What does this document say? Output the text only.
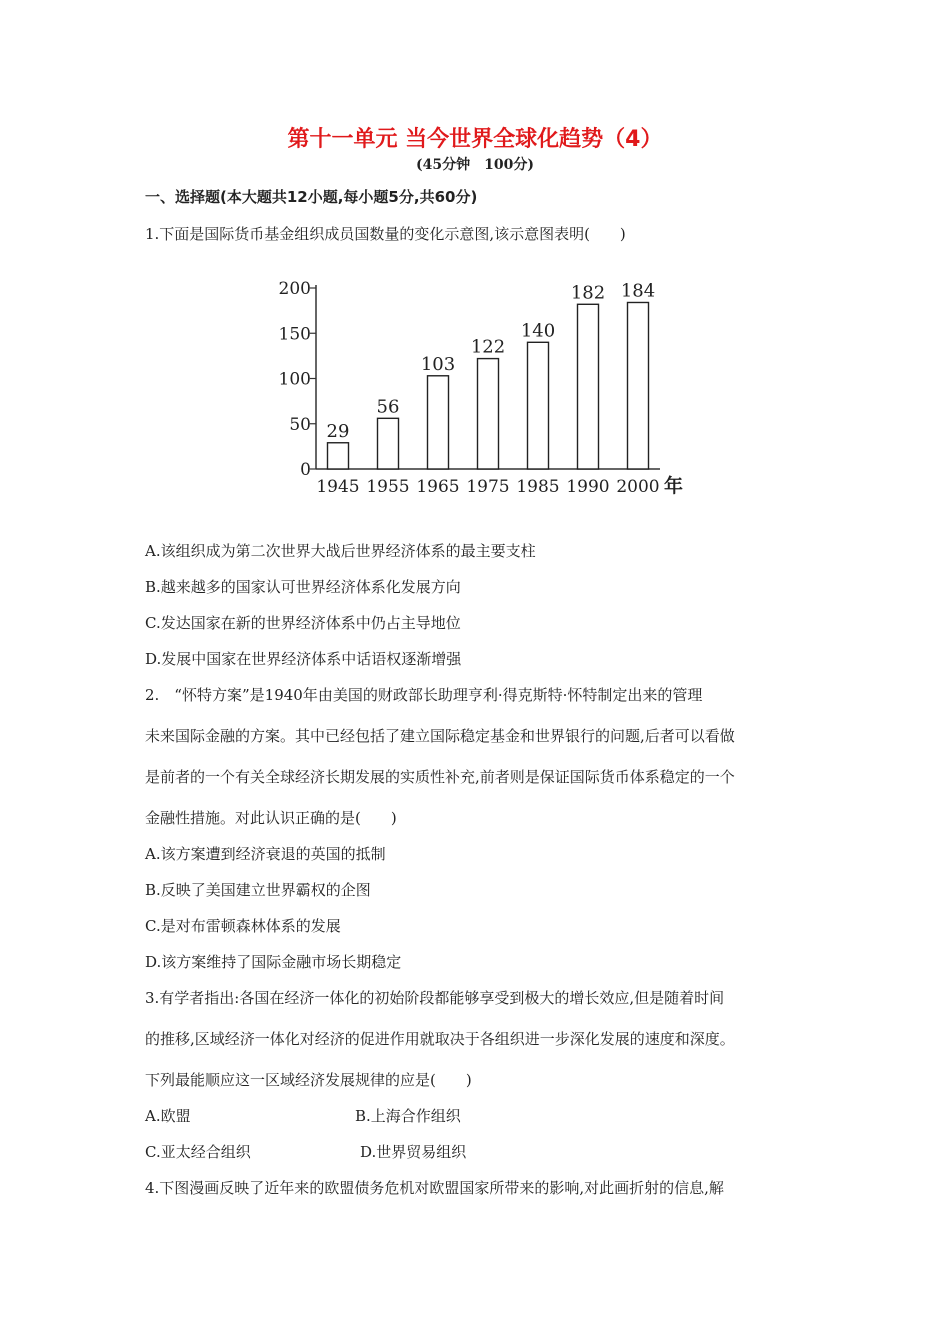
第十一单元 当今世界全球化趋势（4）
(45分钟　100分)
一、选择题(本大题共12小题,每小题5分,共60分)
1.下面是国际货币基金组织成员国数量的变化示意图,该示意图表明(　　)
0
50
100
150
200
29
56
103
122
140
182 184
1945 1955 1965 1975 1985 1990 2000 年
A.该组织成为第二次世界大战后世界经济体系的最主要支柱
B.越来越多的国家认可世界经济体系化发展方向
C.发达国家在新的世界经济体系中仍占主导地位
D.发展中国家在世界经济体系中话语权逐渐增强
2.　“怀特方案”是1940年由美国的财政部长助理亨利·得克斯特·怀特制定出来的管理
未来国际金融的方案。其中已经包括了建立国际稳定基金和世界银行的问题,后者可以看做
是前者的一个有关全球经济长期发展的实质性补充,前者则是保证国际货币体系稳定的一个
金融性措施。对此认识正确的是(　　)
A.该方案遭到经济衰退的英国的抵制
B.反映了美国建立世界霸权的企图
C.是对布雷顿森林体系的发展
D.该方案维持了国际金融市场长期稳定
3.有学者指出:各国在经济一体化的初始阶段都能够享受到极大的增长效应,但是随着时间
的推移,区域经济一体化对经济的促进作用就取决于各组织进一步深化发展的速度和深度。
下列最能顺应这一区域经济发展规律的应是(　　)
A.欧盟	B.上海合作组织
C.亚太经合组织	D.世界贸易组织
4.下图漫画反映了近年来的欧盟债务危机对欧盟国家所带来的影响,对此画折射的信息,解
